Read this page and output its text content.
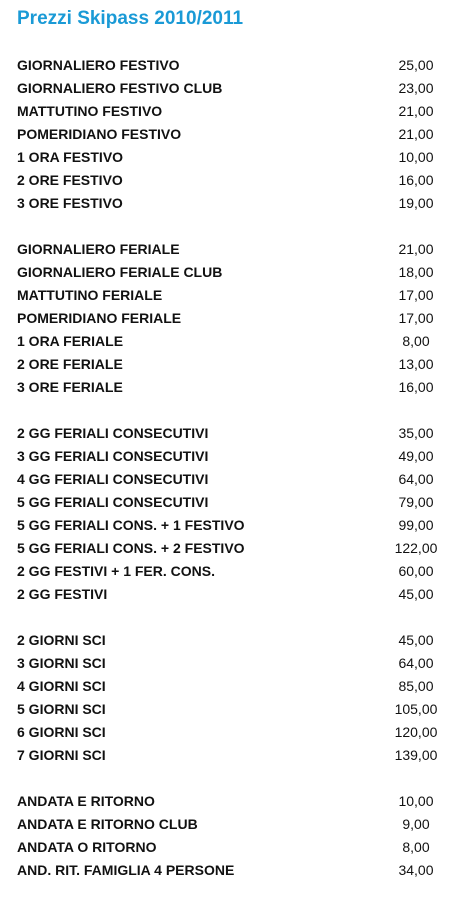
Prezzi Skipass 2010/2011
GIORNALIERO FESTIVO	25,00
GIORNALIERO FESTIVO CLUB	23,00
MATTUTINO FESTIVO	21,00
POMERIDIANO FESTIVO	21,00
1 ORA FESTIVO	10,00
2 ORE FESTIVO	16,00
3 ORE FESTIVO	19,00
GIORNALIERO FERIALE	21,00
GIORNALIERO FERIALE CLUB	18,00
MATTUTINO FERIALE	17,00
POMERIDIANO FERIALE	17,00
1 ORA FERIALE	8,00
2 ORE FERIALE	13,00
3 ORE FERIALE	16,00
2 GG FERIALI CONSECUTIVI	35,00
3 GG FERIALI CONSECUTIVI	49,00
4 GG FERIALI CONSECUTIVI	64,00
5 GG FERIALI CONSECUTIVI	79,00
5 GG FERIALI CONS. + 1 FESTIVO	99,00
5 GG FERIALI CONS. + 2 FESTIVO	122,00
2 GG FESTIVI + 1 FER. CONS.	60,00
2 GG FESTIVI	45,00
2 GIORNI SCI	45,00
3 GIORNI SCI	64,00
4 GIORNI SCI	85,00
5 GIORNI SCI	105,00
6 GIORNI SCI	120,00
7 GIORNI SCI	139,00
ANDATA E RITORNO	10,00
ANDATA E RITORNO CLUB	9,00
ANDATA O RITORNO	8,00
AND. RIT. FAMIGLIA 4 PERSONE	34,00
